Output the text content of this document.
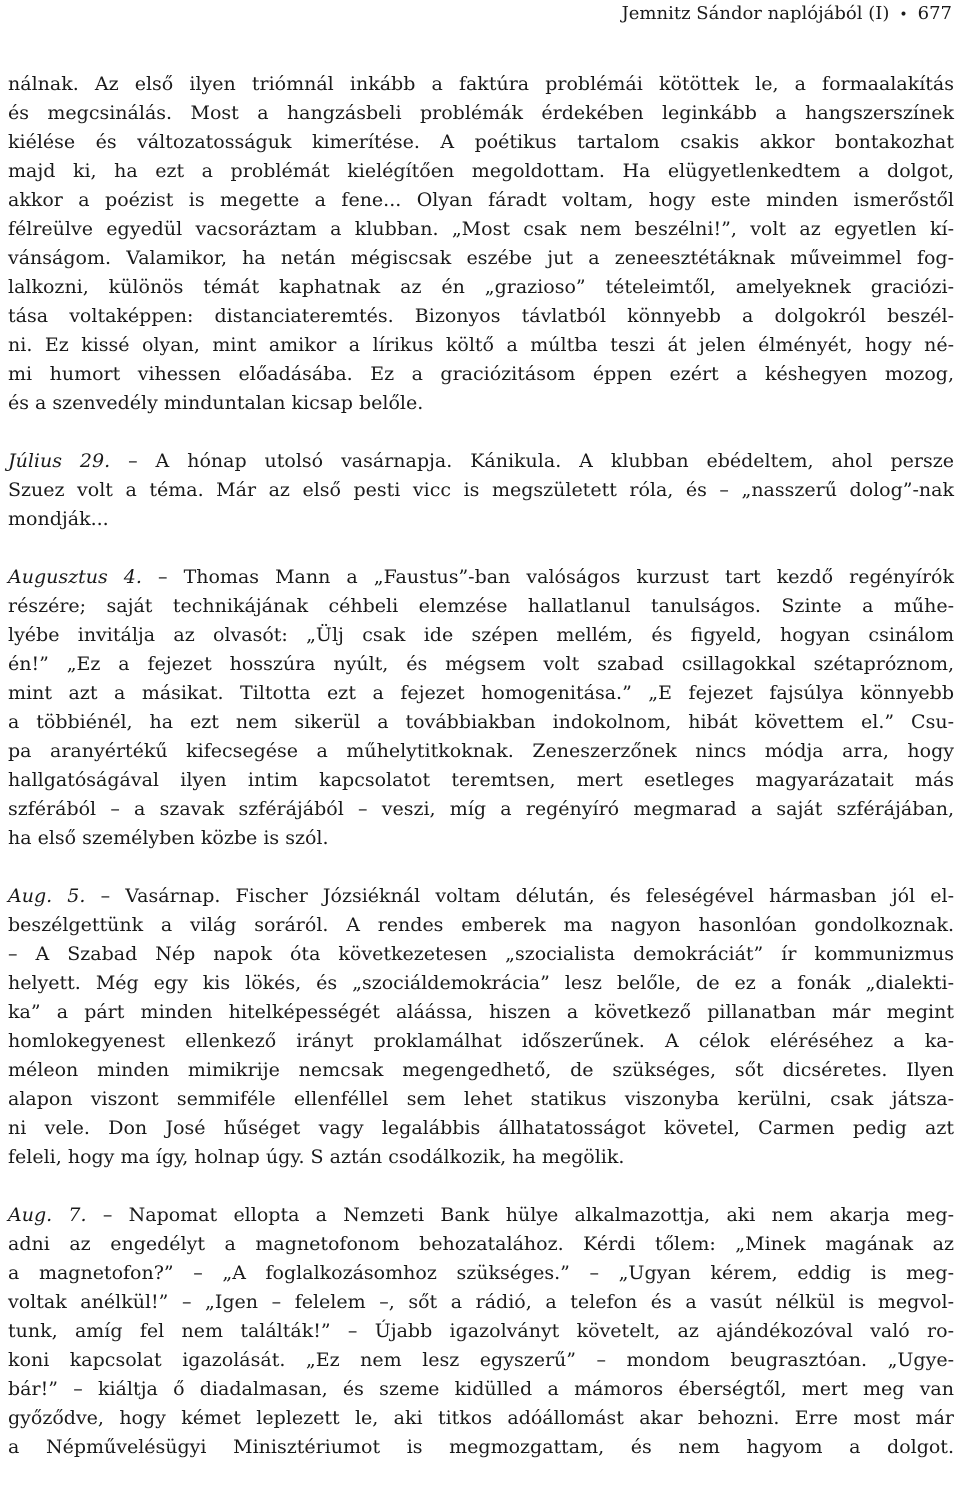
Jemnitz Sándor naplójából (I) • 677
nálnak. Az első ilyen triómnál inkább a faktúra problémái kötöttek le, a formaalakítás
és megcsinálás. Most a hangzásbeli problémák érdekében leginkább a hangszerszínek
kiélése és változatosságuk kimerítése. A poétikus tartalom csakis akkor bontakozhat
majd ki, ha ezt a problémát kielégítően megoldottam. Ha elügyetlenkedtem a dolgot,
akkor a poézist is megette a fene... Olyan fáradt voltam, hogy este minden ismerőstől
félreülve egyedül vacsoráztam a klubban. „Most csak nem beszélni!”, volt az egyetlen kí-
vánságom. Valamikor, ha netán mégiscsak eszébe jut a zeneesztétáknak műveimmel fog-
lalkozni, különös témát kaphatnak az én „grazioso” tételeimtől, amelyeknek graciózi-
tása voltaképpen: distanciateremtés. Bizonyos távlatból könnyebb a dolgokról beszél-
ni. Ez kissé olyan, mint amikor a lírikus költő a múltba teszi át jelen élményét, hogy né-
mi humort vihessen előadásába. Ez a graciózitásom éppen ezért a késhegyen mozog,
és a szenvedély minduntalan kicsap belőle.
Július 29. – A hónap utolsó vasárnapja. Kánikula. A klubban ebédeltem, ahol persze
Szuez volt a téma. Már az első pesti vicc is megszületett róla, és – „nasszerű dolog”-nak
mondják...
Augusztus 4. – Thomas Mann a „Faustus”-ban valóságos kurzust tart kezdő regényírók
részére; saját technikájának céhbeli elemzése hallatlanul tanulságos. Szinte a műhe-
lyébe invitálja az olvasót: „Ülj csak ide szépen mellém, és figyeld, hogyan csinálom
én!” „Ez a fejezet hosszúra nyúlt, és mégsem volt szabad csillagokkal szétapróznom,
mint azt a másikat. Tiltotta ezt a fejezet homogenitása.” „E fejezet fajsúlya könnyebb
a többiénél, ha ezt nem sikerül a továbbiakban indokolnom, hibát követtem el.” Csu-
pa aranyértékű kifecsegése a műhelytitkoknak. Zeneszerzőnek nincs módja arra, hogy
hallgatóságával ilyen intim kapcsolatot teremtsen, mert esetleges magyarázatait más
szférából – a szavak szférájából – veszi, míg a regényíró megmarad a saját szférájában,
ha első személyben közbe is szól.
Aug. 5. – Vasárnap. Fischer Józsiéknál voltam délután, és feleségével hármasban jól el-
beszélgettünk a világ soráról. A rendes emberek ma nagyon hasonlóan gondolkoznak.
– A Szabad Nép napok óta következetesen „szocialista demokráciát” ír kommunizmus
helyett. Még egy kis lökés, és „szociáldemokrácia” lesz belőle, de ez a fonák „dialekti-
ka” a párt minden hitelképességét aláássa, hiszen a következő pillanatban már megint
homlokegyenest ellenkező irányt proklamálhat időszerűnek. A célok eléréséhez a ka-
méleon minden mimikrije nemcsak megengedhető, de szükséges, sőt dicséretes. Ilyen
alapon viszont semmiféle ellenféllel sem lehet statikus viszonyba kerülni, csak játsza-
ni vele. Don José hűséget vagy legalábbis állhatatosságot követel, Carmen pedig azt
feleli, hogy ma így, holnap úgy. S aztán csodálkozik, ha megölik.
Aug. 7. – Napomat ellopta a Nemzeti Bank hülye alkalmazottja, aki nem akarja meg-
adni az engedélyt a magnetofonom behozatalához. Kérdi tőlem: „Minek magának az
a magnetofon?” – „A foglalkozásomhoz szükséges.” – „Ugyan kérem, eddig is meg-
voltak anélkül!” – „Igen – felelem –, sőt a rádió, a telefon és a vasút nélkül is megvol-
tunk, amíg fel nem találták!” – Újabb igazolványt követelt, az ajándékozóval való ro-
koni kapcsolat igazolását. „Ez nem lesz egyszerű” – mondom beugrasztóan. „Ugye-
bár!” – kiáltja ő diadalmasan, és szeme kidülled a mámoros éberségtől, mert meg van
győződve, hogy kémet leplezett le, aki titkos adóállomást akar behozni. Erre most már
a Népművelésügyi Minisztériumot is megmozgattam, és nem hagyom a dolgot.
